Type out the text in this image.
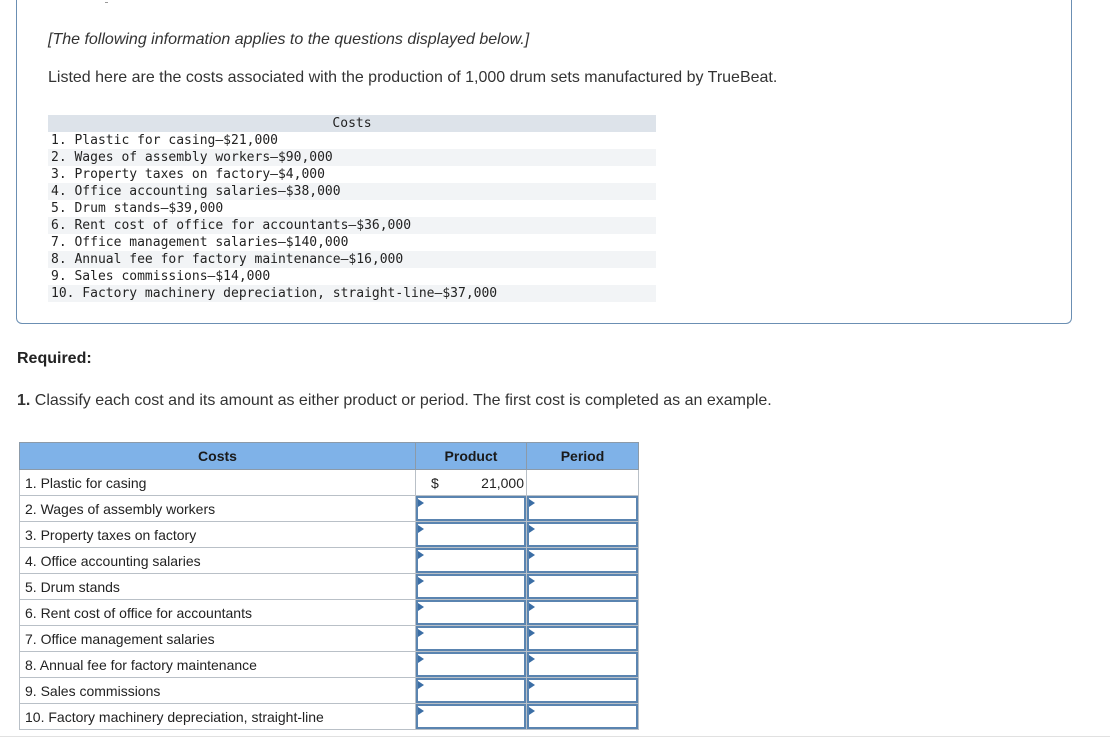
[The following information applies to the questions displayed below.]
Listed here are the costs associated with the production of 1,000 drum sets manufactured by TrueBeat.
Costs
1. Plastic for casing—$21,000
2. Wages of assembly workers—$90,000
3. Property taxes on factory—$4,000
4. Office accounting salaries—$38,000
5. Drum stands—$39,000
6. Rent cost of office for accountants—$36,000
7. Office management salaries—$140,000
8. Annual fee for factory maintenance—$16,000
9. Sales commissions—$14,000
10. Factory machinery depreciation, straight-line—$37,000
Required:
1. Classify each cost and its amount as either product or period. The first cost is completed as an example.
Costs	Product	Period
1. Plastic for casing	$ 21,000	

2. Wages of assembly workers	

3. Property taxes on factory	

4. Office accounting salaries	

5. Drum stands	

6. Rent cost of office for accountants	

7. Office management salaries	

8. Annual fee for factory maintenance	

9. Sales commissions	

10. Factory machinery depreciation, straight-line	
